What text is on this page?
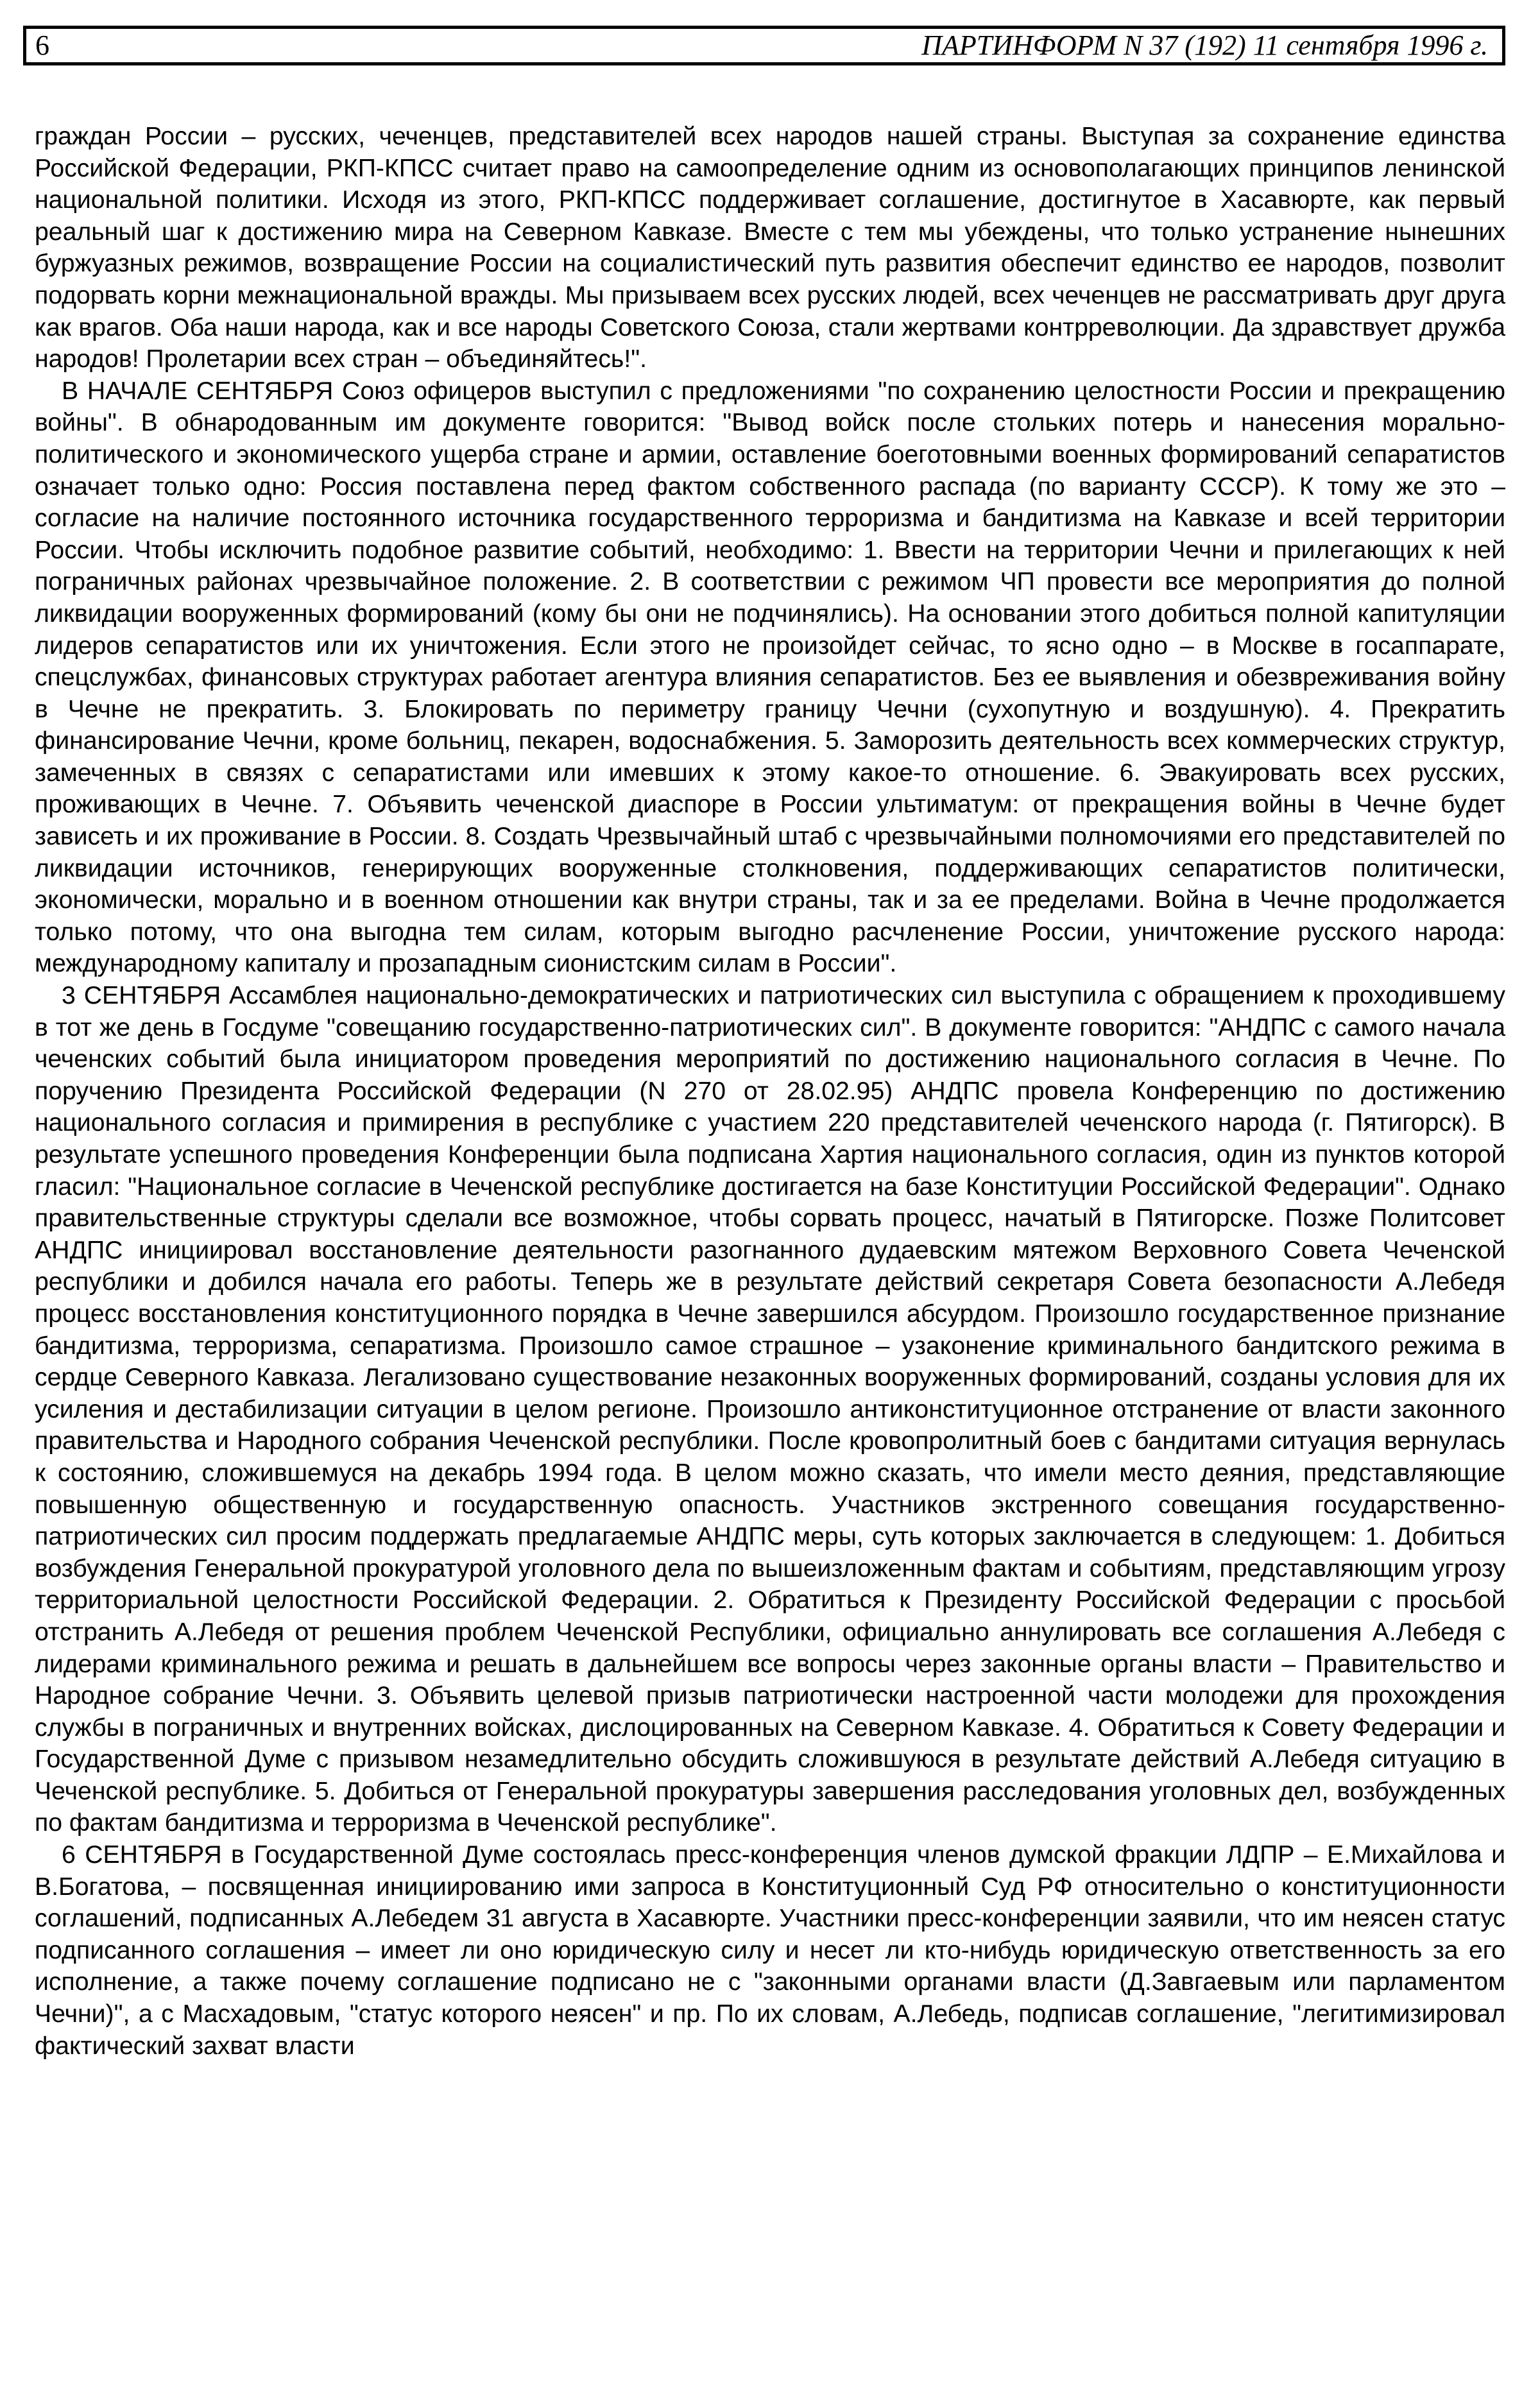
6	ПАРТИНФОРМ N 37 (192) 11 сентября 1996 г.

граждан России – русских, чеченцев, представителей всех народов нашей страны. Выступая за сохранение единства Российской Федерации, РКП-КПСС считает право на самоопределение одним из основополагающих принципов ленинской национальной политики. Исходя из этого, РКП-КПСС поддерживает соглашение, достигнутое в Хасавюрте, как первый реальный шаг к достижению мира на Северном Кавказе. Вместе с тем мы убеждены, что только устранение нынешних буржуазных режимов, возвращение России на социалистический путь развития обеспечит единство ее народов, позволит подорвать корни межнациональной вражды. Мы призываем всех русских людей, всех чеченцев не рассматривать друг друга как врагов. Оба наши народа, как и все народы Советского Союза, стали жертвами контрреволюции. Да здравствует дружба народов! Пролетарии всех стран – объединяйтесь!".

В НАЧАЛЕ СЕНТЯБРЯ Союз офицеров выступил с предложениями "по сохранению целостности России и прекращению войны". В обнародованным им документе говорится: "Вывод войск после стольких потерь и нанесения морально-политического и экономического ущерба стране и армии, оставление боеготовными военных формирований сепаратистов означает только одно: Россия поставлена перед фактом собственного распада (по варианту СССР). К тому же это – согласие на наличие постоянного источника государственного терроризма и бандитизма на Кавказе и всей территории России. Чтобы исключить подобное развитие событий, необходимо: 1. Ввести на территории Чечни и прилегающих к ней пограничных районах чрезвычайное положение. 2. В соответствии с режимом ЧП провести все мероприятия до полной ликвидации вооруженных формирований (кому бы они не подчинялись). На основании этого добиться полной капитуляции лидеров сепаратистов или их уничтожения. Если этого не произойдет сейчас, то ясно одно – в Москве в госаппарате, спецслужбах, финансовых структурах работает агентура влияния сепаратистов. Без ее выявления и обезвреживания войну в Чечне не прекратить. 3. Блокировать по периметру границу Чечни (сухопутную и воздушную). 4. Прекратить финансирование Чечни, кроме больниц, пекарен, водоснабжения. 5. Заморозить деятельность всех коммерческих структур, замеченных в связях с сепаратистами или имевших к этому какое-то отношение. 6. Эвакуировать всех русских, проживающих в Чечне. 7. Объявить чеченской диаспоре в России ультиматум: от прекращения войны в Чечне будет зависеть и их проживание в России. 8. Создать Чрезвычайный штаб с чрезвычайными полномочиями его представителей по ликвидации источников, генерирующих вооруженные столкновения, поддерживающих сепаратистов политически, экономически, морально и в военном отношении как внутри страны, так и за ее пределами. Война в Чечне продолжается только потому, что она выгодна тем силам, которым выгодно расчленение России, уничтожение русского народа: международному капиталу и прозападным сионистским силам в России".

3 СЕНТЯБРЯ Ассамблея национально-демократических и патриотических сил выступила с обращением к проходившему в тот же день в Госдуме "совещанию государственно-патриотических сил". В документе говорится: "АНДПС с самого начала чеченских событий была инициатором проведения мероприятий по достижению национального согласия в Чечне. По поручению Президента Российской Федерации (N 270 от 28.02.95) АНДПС провела Конференцию по достижению национального согласия и примирения в республике с участием 220 представителей чеченского народа (г. Пятигорск). В результате успешного проведения Конференции была подписана Хартия национального согласия, один из пунктов которой гласил: "Национальное согласие в Чеченской республике достигается на базе Конституции Российской Федерации". Однако правительственные структуры сделали все возможное, чтобы сорвать процесс, начатый в Пятигорске. Позже Политсовет АНДПС инициировал восстановление деятельности разогнанного дудаевским мятежом Верховного Совета Чеченской республики и добился начала его работы. Теперь же в результате действий секретаря Совета безопасности А.Лебедя процесс восстановления конституционного порядка в Чечне завершился абсурдом. Произошло государственное признание бандитизма, терроризма, сепаратизма. Произошло самое страшное – узаконение криминального бандитского режима в сердце Северного Кавказа. Легализовано существование незаконных вооруженных формирований, созданы условия для их усиления и дестабилизации ситуации в целом регионе. Произошло антиконституционное отстранение от власти законного правительства и Народного собрания Чеченской республики. После кровопролитный боев с бандитами ситуация вернулась к состоянию, сложившемуся на декабрь 1994 года. В целом можно сказать, что имели место деяния, представляющие повышенную общественную и государственную опасность. Участников экстренного совещания государственно-патриотических сил просим поддержать предлагаемые АНДПС меры, суть которых заключается в следующем: 1. Добиться возбуждения Генеральной прокуратурой уголовного дела по вышеизложенным фактам и событиям, представляющим угрозу территориальной целостности Российской Федерации. 2. Обратиться к Президенту Российской Федерации с просьбой отстранить А.Лебедя от решения проблем Чеченской Республики, официально аннулировать все соглашения А.Лебедя с лидерами криминального режима и решать в дальнейшем все вопросы через законные органы власти – Правительство и Народное собрание Чечни. 3. Объявить целевой призыв патриотически настроенной части молодежи для прохождения службы в пограничных и внутренних войсках, дислоцированных на Северном Кавказе. 4. Обратиться к Совету Федерации и Государственной Думе с призывом незамедлительно обсудить сложившуюся в результате действий А.Лебедя ситуацию в Чеченской республике. 5. Добиться от Генеральной прокуратуры завершения расследования уголовных дел, возбужденных по фактам бандитизма и терроризма в Чеченской республике".

6 СЕНТЯБРЯ в Государственной Думе состоялась пресс-конференция членов думской фракции ЛДПР – Е.Михайлова и В.Богатова, – посвященная инициированию ими запроса в Конституционный Суд РФ относительно о конституционности соглашений, подписанных А.Лебедем 31 августа в Хасавюрте. Участники пресс-конференции заявили, что им неясен статус подписанного соглашения – имеет ли оно юридическую силу и несет ли кто-нибудь юридическую ответственность за его исполнение, а также почему соглашение подписано не с "законными органами власти (Д.Завгаевым или парламентом Чечни)", а с Масхадовым, "статус которого неясен" и пр. По их словам, А.Лебедь, подписав соглашение, "легитимизировал фактический захват власти
